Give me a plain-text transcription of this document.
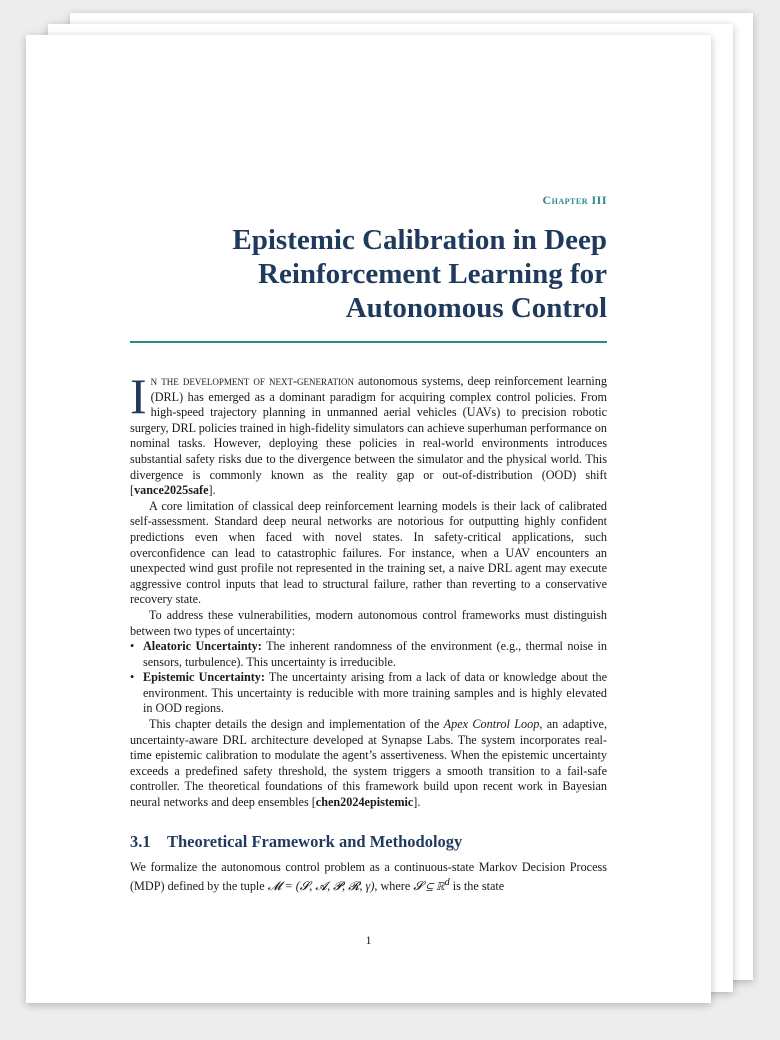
Chapter III
Epistemic Calibration in Deep Reinforcement Learning for Autonomous Control

In the development of next-generation autonomous systems, deep reinforcement learning (DRL) has emerged as a dominant paradigm for acquiring complex control policies. From high-speed trajectory planning in unmanned aerial vehicles (UAVs) to precision robotic surgery, DRL policies trained in high-fidelity simulators can achieve superhuman performance on nominal tasks. However, deploying these policies in real-world environments introduces substantial safety risks due to the divergence between the simulator and the physical world. This divergence is commonly known as the reality gap or out-of-distribution (OOD) shift [vance2025safe].

A core limitation of classical deep reinforcement learning models is their lack of calibrated self-assessment. Standard deep neural networks are notorious for outputting highly confident predictions even when faced with novel states. In safety-critical applications, such overconfidence can lead to catastrophic failures. For instance, when a UAV encounters an unexpected wind gust profile not represented in the training set, a naive DRL agent may execute aggressive control inputs that lead to structural failure, rather than reverting to a conservative recovery state.

To address these vulnerabilities, modern autonomous control frameworks must distinguish between two types of uncertainty:

• Aleatoric Uncertainty: The inherent randomness of the environment (e.g., thermal noise in sensors, turbulence). This uncertainty is irreducible.
• Epistemic Uncertainty: The uncertainty arising from a lack of data or knowledge about the environment. This uncertainty is reducible with more training samples and is highly elevated in OOD regions.

This chapter details the design and implementation of the Apex Control Loop, an adaptive, uncertainty-aware DRL architecture developed at Synapse Labs. The system incorporates real-time epistemic calibration to modulate the agent’s assertiveness. When the epistemic uncertainty exceeds a predefined safety threshold, the system triggers a smooth transition to a fail-safe controller. The theoretical foundations of this framework build upon recent work in Bayesian neural networks and deep ensembles [chen2024epistemic].

3.1 Theoretical Framework and Methodology

We formalize the autonomous control problem as a continuous-state Markov Decision Process (MDP) defined by the tuple 𝓜 = (𝓢, 𝓐, 𝓟, 𝓡, γ), where 𝓢 ⊆ ℝ$^d$ is the state

1
